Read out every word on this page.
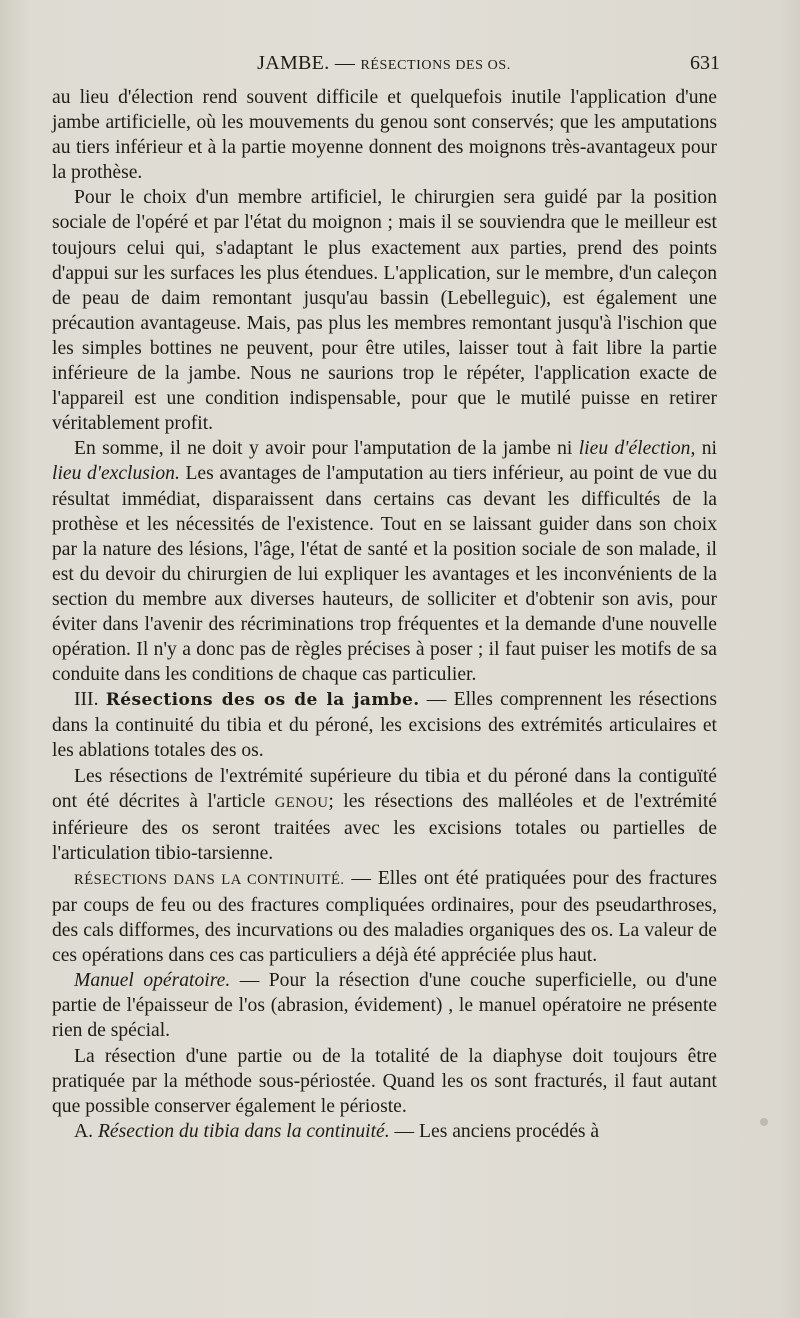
JAMBE. — RÉSECTIONS DES OS.	631

au lieu d'élection rend souvent difficile et quelquefois inutile l'application d'une jambe artificielle, où les mouvements du genou sont conservés; que les amputations au tiers inférieur et à la partie moyenne donnent des moignons très-avantageux pour la prothèse.

Pour le choix d'un membre artificiel, le chirurgien sera guidé par la position sociale de l'opéré et par l'état du moignon ; mais il se souviendra que le meilleur est toujours celui qui, s'adaptant le plus exactement aux parties, prend des points d'appui sur les surfaces les plus étendues. L'application, sur le membre, d'un caleçon de peau de daim remontant jusqu'au bassin (Lebelleguic), est également une précaution avantageuse. Mais, pas plus les membres remontant jusqu'à l'ischion que les simples bottines ne peuvent, pour être utiles, laisser tout à fait libre la partie inférieure de la jambe. Nous ne saurions trop le répéter, l'application exacte de l'appareil est une condition indispensable, pour que le mutilé puisse en retirer véritablement profit.

En somme, il ne doit y avoir pour l'amputation de la jambe ni lieu d'élection, ni lieu d'exclusion. Les avantages de l'amputation au tiers inférieur, au point de vue du résultat immédiat, disparaissent dans certains cas devant les difficultés de la prothèse et les nécessités de l'existence. Tout en se laissant guider dans son choix par la nature des lésions, l'âge, l'état de santé et la position sociale de son malade, il est du devoir du chirurgien de lui expliquer les avantages et les inconvénients de la section du membre aux diverses hauteurs, de solliciter et d'obtenir son avis, pour éviter dans l'avenir des récriminations trop fréquentes et la demande d'une nouvelle opération. Il n'y a donc pas de règles précises à poser ; il faut puiser les motifs de sa conduite dans les conditions de chaque cas particulier.

III. Résections des os de la jambe. — Elles comprennent les résections dans la continuité du tibia et du péroné, les excisions des extrémités articulaires et les ablations totales des os.

Les résections de l'extrémité supérieure du tibia et du péroné dans la contiguïté ont été décrites à l'article GENOU; les résections des malléoles et de l'extrémité inférieure des os seront traitées avec les excisions totales ou partielles de l'articulation tibio-tarsienne.

RÉSECTIONS DANS LA CONTINUITÉ. — Elles ont été pratiquées pour des fractures par coups de feu ou des fractures compliquées ordinaires, pour des pseudarthroses, des cals difformes, des incurvations ou des maladies organiques des os. La valeur de ces opérations dans ces cas particuliers a déjà été appréciée plus haut.

Manuel opératoire. — Pour la résection d'une couche superficielle, ou d'une partie de l'épaisseur de l'os (abrasion, évidement) , le manuel opératoire ne présente rien de spécial.

La résection d'une partie ou de la totalité de la diaphyse doit toujours être pratiquée par la méthode sous-périostée. Quand les os sont fracturés, il faut autant que possible conserver également le périoste.

A. Résection du tibia dans la continuité. — Les anciens procédés à
